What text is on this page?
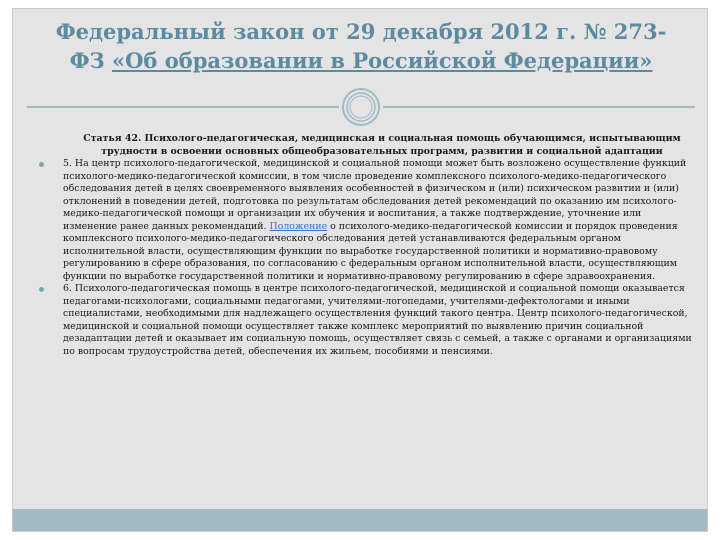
Федеральный закон от 29 декабря 2012 г. № 273-
ФЗ «Об образовании в Российской Федерации»
Статья 42. Психолого-педагогическая, медицинская и социальная помощь обучающимся, испытывающим трудности в освоении основных общеобразовательных программ, развитии и социальной адаптации

5. На центр психолого-педагогической, медицинской и социальной помощи может быть возложено осуществление функций психолого-медико-педагогической комиссии, в том числе проведение комплексного психолого-медико-педагогического обследования детей в целях своевременного выявления особенностей в физическом и (или) психическом развитии и (или) отклонений в поведении детей, подготовка по результатам обследования детей рекомендаций по оказанию им психолого-медико-педагогической помощи и организации их обучения и воспитания, а также подтверждение, уточнение или изменение ранее данных рекомендаций. Положение о психолого-медико-педагогической комиссии и порядок проведения комплексного психолого-медико-педагогического обследования детей устанавливаются федеральным органом исполнительной власти, осуществляющим функции по выработке государственной политики и нормативно-правовому регулированию в сфере образования, по согласованию с федеральным органом исполнительной власти, осуществляющим функции по выработке государственной политики и нормативно-правовому регулированию в сфере здравоохранения.

6. Психолого-педагогическая помощь в центре психолого-педагогической, медицинской и социальной помощи оказывается педагогами-психологами, социальными педагогами, учителями-логопедами, учителями-дефектологами и иными специалистами, необходимыми для надлежащего осуществления функций такого центра. Центр психолого-педагогической, медицинской и социальной помощи осуществляет также комплекс мероприятий по выявлению причин социальной дезадаптации детей и оказывает им социальную помощь, осуществляет связь с семьей, а также с органами и организациями по вопросам трудоустройства детей, обеспечения их жильем, пособиями и пенсиями.
